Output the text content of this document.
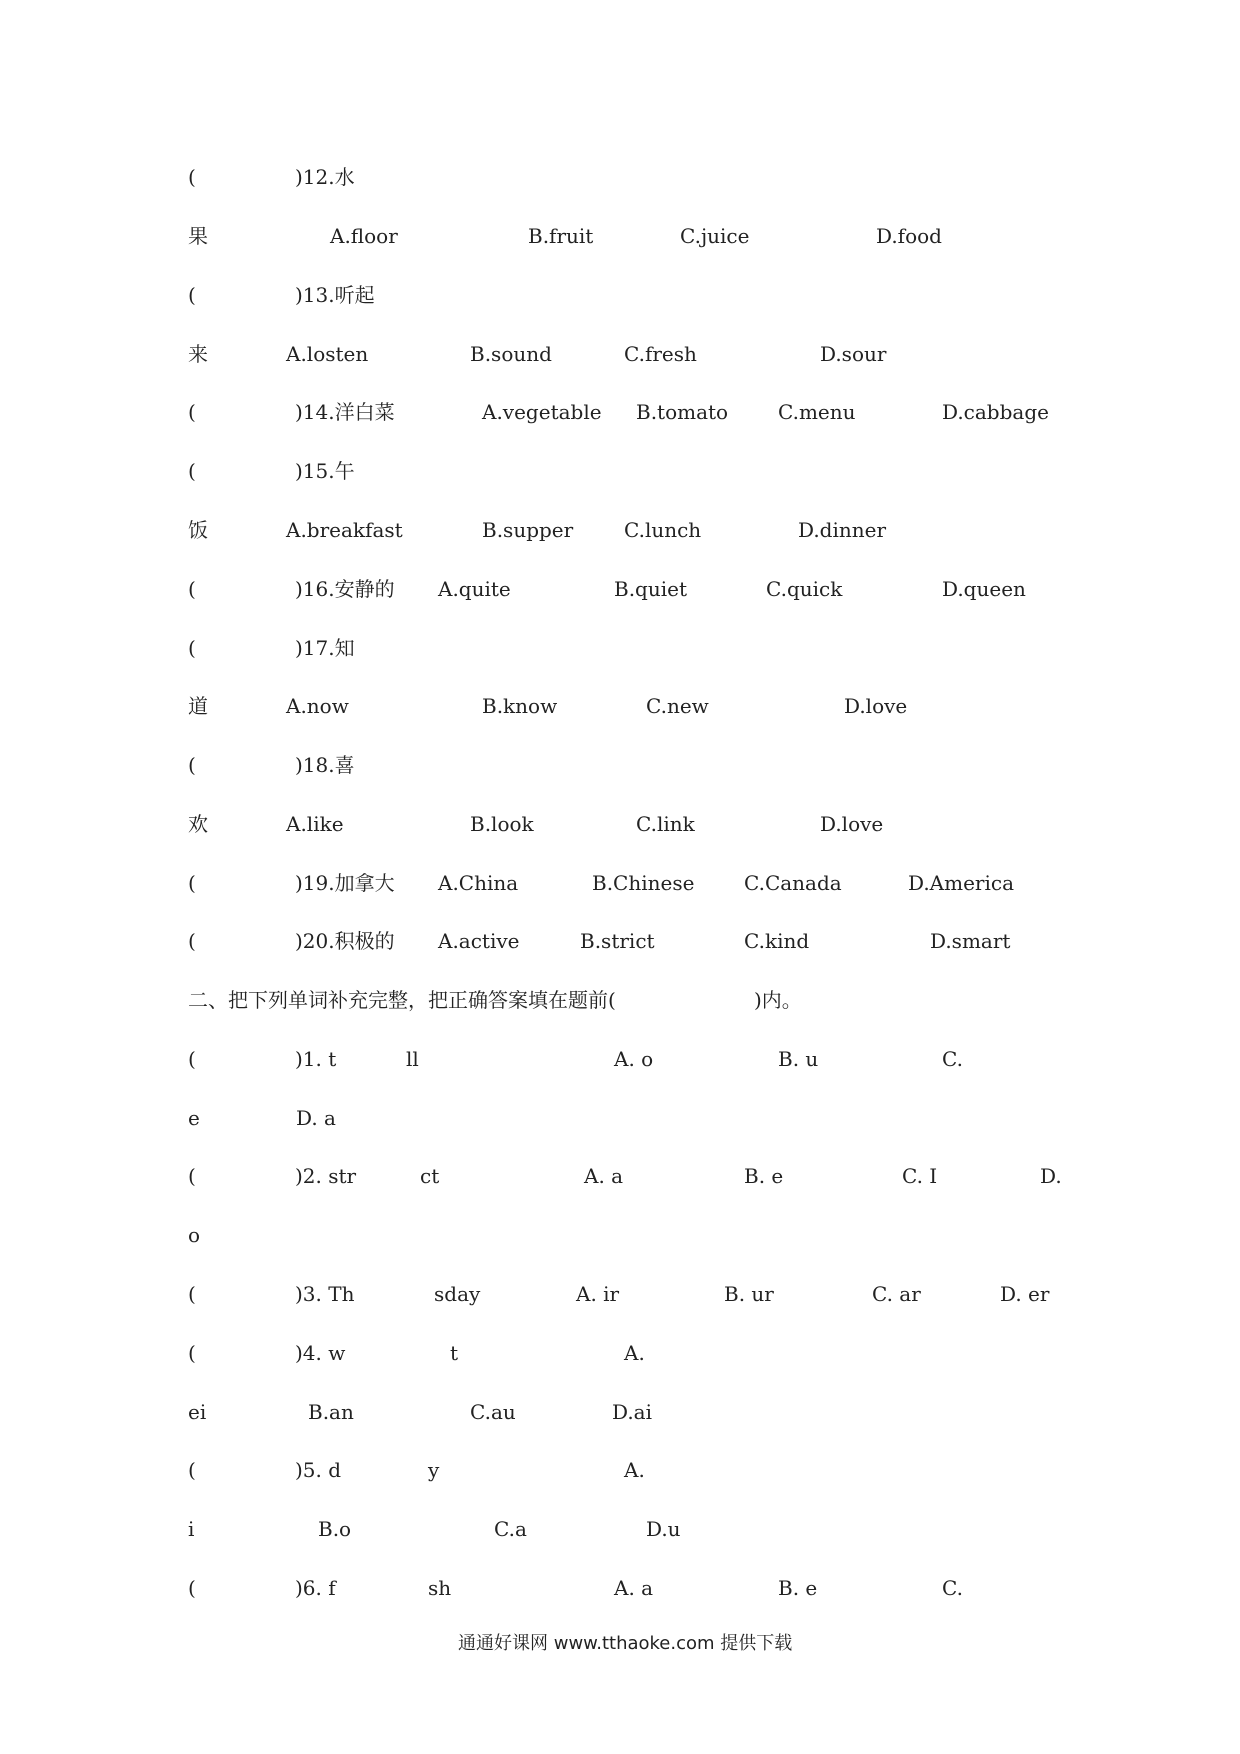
(	)12.水
果	A.floor	B.fruit	C.juice	D.food
(	)13.听起
来	A.losten	B.sound	C.fresh	D.sour
(	)14.洋白菜	A.vegetable B.tomato C.menu	D.cabbage
(	)15.午
饭	A.breakfast	B.supper	C.lunch	D.dinner
(	)16.安静的 A.quite	B.quiet	C.quick	D.queen
(	)17.知
道	A.now	B.know	C.new	D.love
(	)18.喜
欢	A.like	B.look	C.link	D.love
(	)19.加拿大 A.China	B.Chinese C.Canada	D.America
(	)20.积极的 A.active	B.strict	C.kind	D.smart
二、把下列单词补充完整，把正确答案填在题前(	)内。
(	)1. t	ll	A. o	B. u	C.
e	D. a
(	)2. str	ct	A. a	B. e	C. I	D.
o
(	)3. Th	sday	A. ir	B. ur	C. ar	D. er
(	)4. w	t	A.
ei	B.an	C.au	D.ai
(	)5. d	y	A.
i	B.o	C.a	D.u
(	)6. f	sh	A. a	B. e	C.
通通好课网 www.tthaoke.com 提供下载
